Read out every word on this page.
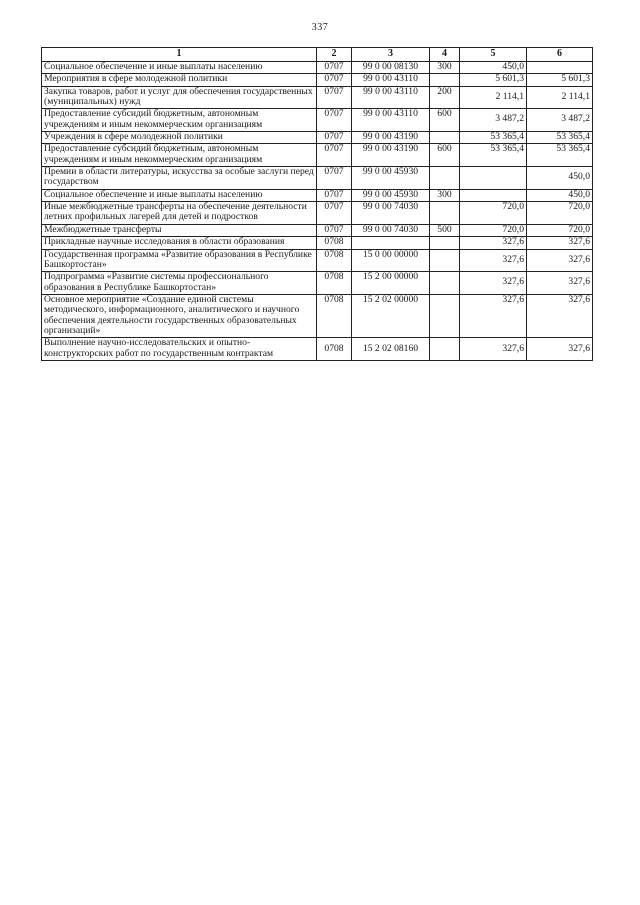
337
1	2	3	4	5	6
Социальное обеспечение и иные выплаты населению	0707	99 0 00 08130	300	450,0	
Мероприятия в сфере молодежной политики	0707	99 0 00 43110		5 601,3	5 601,3
Закупка товаров, работ и услуг для обеспечения государственных (муниципальных) нужд	0707	99 0 00 43110	200	2 114,1	2 114,1
Предоставление субсидий бюджетным, автономным учреждениям и иным некоммерческим организациям	0707	99 0 00 43110	600	3 487,2	3 487,2
Учреждения в сфере молодежной политики	0707	99 0 00 43190		53 365,4	53 365,4
Предоставление субсидий бюджетным, автономным учреждениям и иным некоммерческим организациям	0707	99 0 00 43190	600	53 365,4	53 365,4
Премии в области литературы, искусства за особые заслуги перед государством	0707	99 0 00 45930			450,0
Социальное обеспечение и иные выплаты населению	0707	99 0 00 45930	300		450,0
Иные межбюджетные трансферты на обеспечение деятельности летних профильных лагерей для детей и подростков	0707	99 0 00 74030		720,0	720,0
Межбюджетные трансферты	0707	99 0 00 74030	500	720,0	720,0
Прикладные научные исследования в области образования	0708			327,6	327,6
Государственная программа «Развитие образования в Республике Башкортостан»	0708	15 0 00 00000		327,6	327,6
Подпрограмма «Развитие системы профессионального образования в Республике Башкортостан»	0708	15 2 00 00000		327,6	327,6
Основное мероприятие «Создание единой системы методического, информационного, аналитического и научного обеспечения деятельности государственных образовательных организаций»	0708	15 2 02 00000		327,6	327,6
Выполнение научно-исследовательских и опытно-конструкторских работ по государственным контрактам	0708	15 2 02 08160		327,6	327,6
